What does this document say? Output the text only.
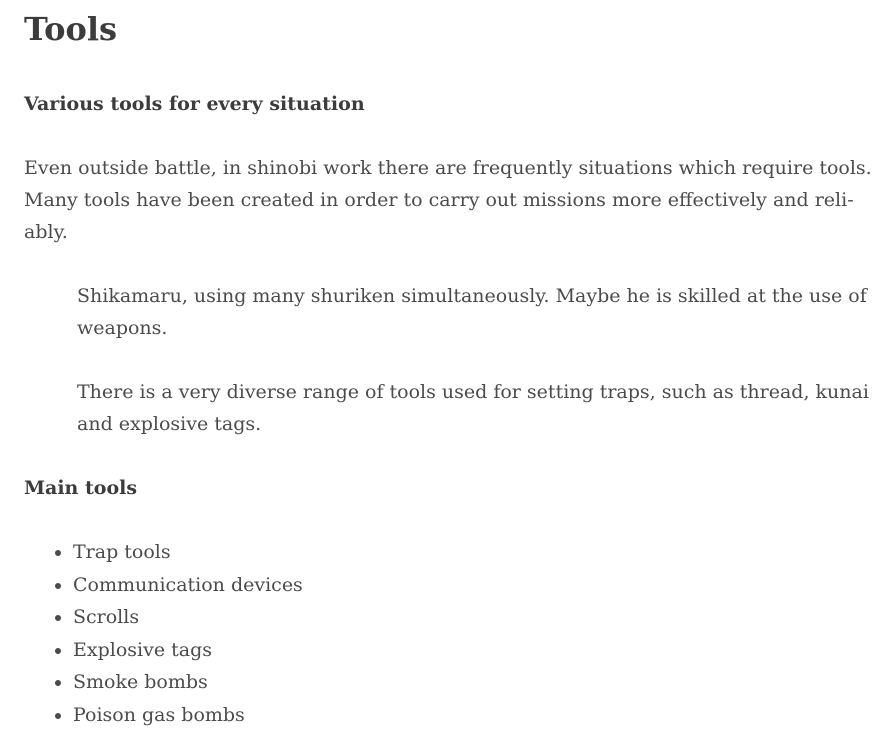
Tools

Various tools for every situation

Even outside battle, in shinobi work there are frequently situations which require tools.
Many tools have been created in order to carry out missions more effectively and reli-
ably.
Shikamaru, using many shuriken simultaneously. Maybe he is skilled at the use of
weapons.
There is a very diverse range of tools used for setting traps, such as thread, kunai
and explosive tags.

Main tools

• Trap tools
• Communication devices
• Scrolls
• Explosive tags
• Smoke bombs
• Poison gas bombs
